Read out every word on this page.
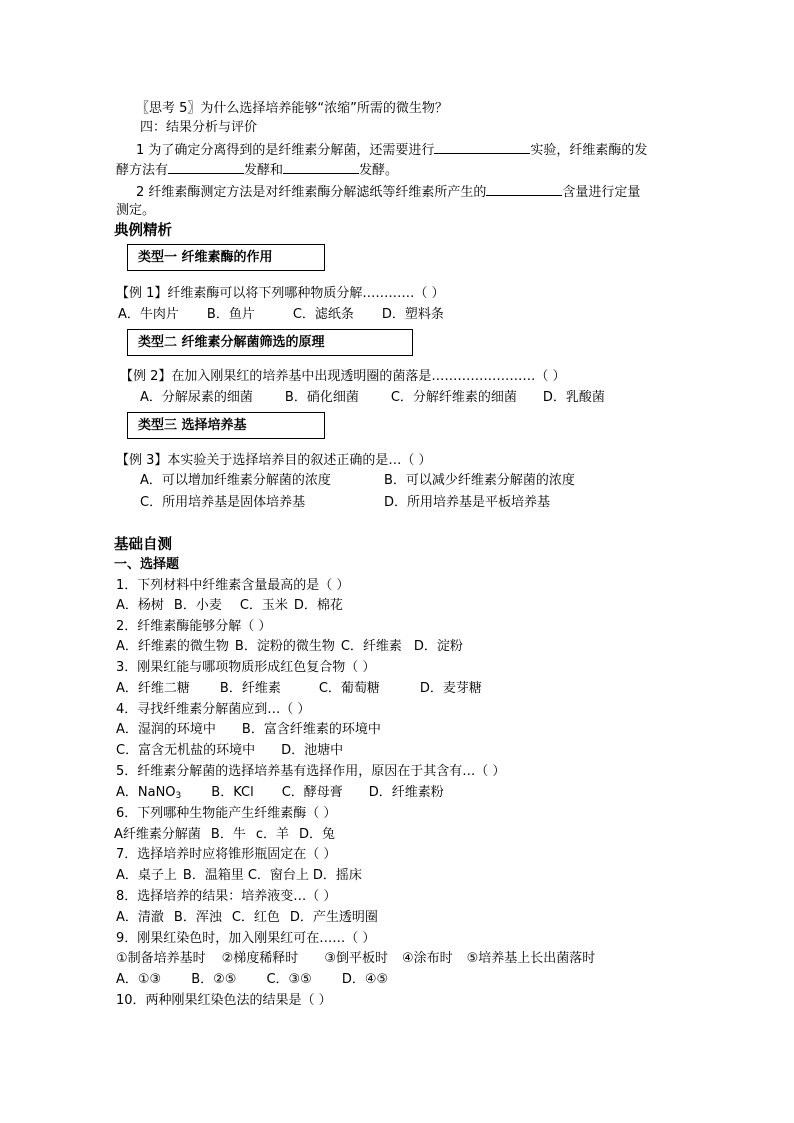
〖思考 5〗为什么选择培养能够“浓缩”所需的微生物？
四：结果分析与评价
1 为了确定分离得到的是纤维素分解菌，还需要进行	实验，纤维素酶的发
酵方法有	发酵和	发酵。
2 纤维素酶测定方法是对纤维素酶分解滤纸等纤维素所产生的	含量进行定量
测定。
典例精析
类型一 纤维素酶的作用
【例 1】纤维素酶可以将下列哪种物质分解…………（ ）
A．牛肉片 B．鱼片	C．滤纸条 D．塑料条
类型二 纤维素分解菌筛选的原理
【例 2】在加入刚果红的培养基中出现透明圈的菌落是……………………（ ）
A．分解尿素的细菌 B．硝化细菌 C．分解纤维素的细菌 D．乳酸菌
类型三 选择培养基
【例 3】本实验关于选择培养目的叙述正确的是…（ ）
A．可以增加纤维素分解菌的浓度	B．可以减少纤维素分解菌的浓度
C．所用培养基是固体培养基	D．所用培养基是平板培养基
基础自测
一、选择题
1．下列材料中纤维素含量最高的是（ ）
A．杨树 B．小麦 C．玉米 D．棉花
2．纤维素酶能够分解（ ）
A．纤维素的微生物 B．淀粉的微生物 C．纤维素 D．淀粉
3．刚果红能与哪项物质形成红色复合物（ ）
A．纤维二糖 B．纤维素	C．葡萄糖	D．麦芽糖
4．寻找纤维素分解菌应到…（ ）
A．湿润的环境中 B．富含纤维素的环境中
C．富含无机盐的环境中 D．池塘中
5．纤维素分解菌的选择培养基有选择作用，原因在于其含有…（ ）
A．NaNO$_3$ B．KCl C．酵母膏 D．纤维素粉
6．下列哪种生物能产生纤维素酶（ ）
A纤维素分解菌 B．牛 c．羊 D．兔
7．选择培养时应将锥形瓶固定在（ ）
A．桌子上 B．温箱里 C．窗台上 D．摇床
8．选择培养的结果：培养液变…（ ）
A．清澈 B．浑浊 C．红色 D．产生透明圈
9．刚果红染色时，加入刚果红可在……（ ）
①制备培养基时 ②梯度稀释时 ③倒平板时 ④涂布时 ⑤培养基上长出菌落时
A．①③ B．②⑤ C．③⑤ D．④⑤
10．两种刚果红染色法的结果是（ ）
